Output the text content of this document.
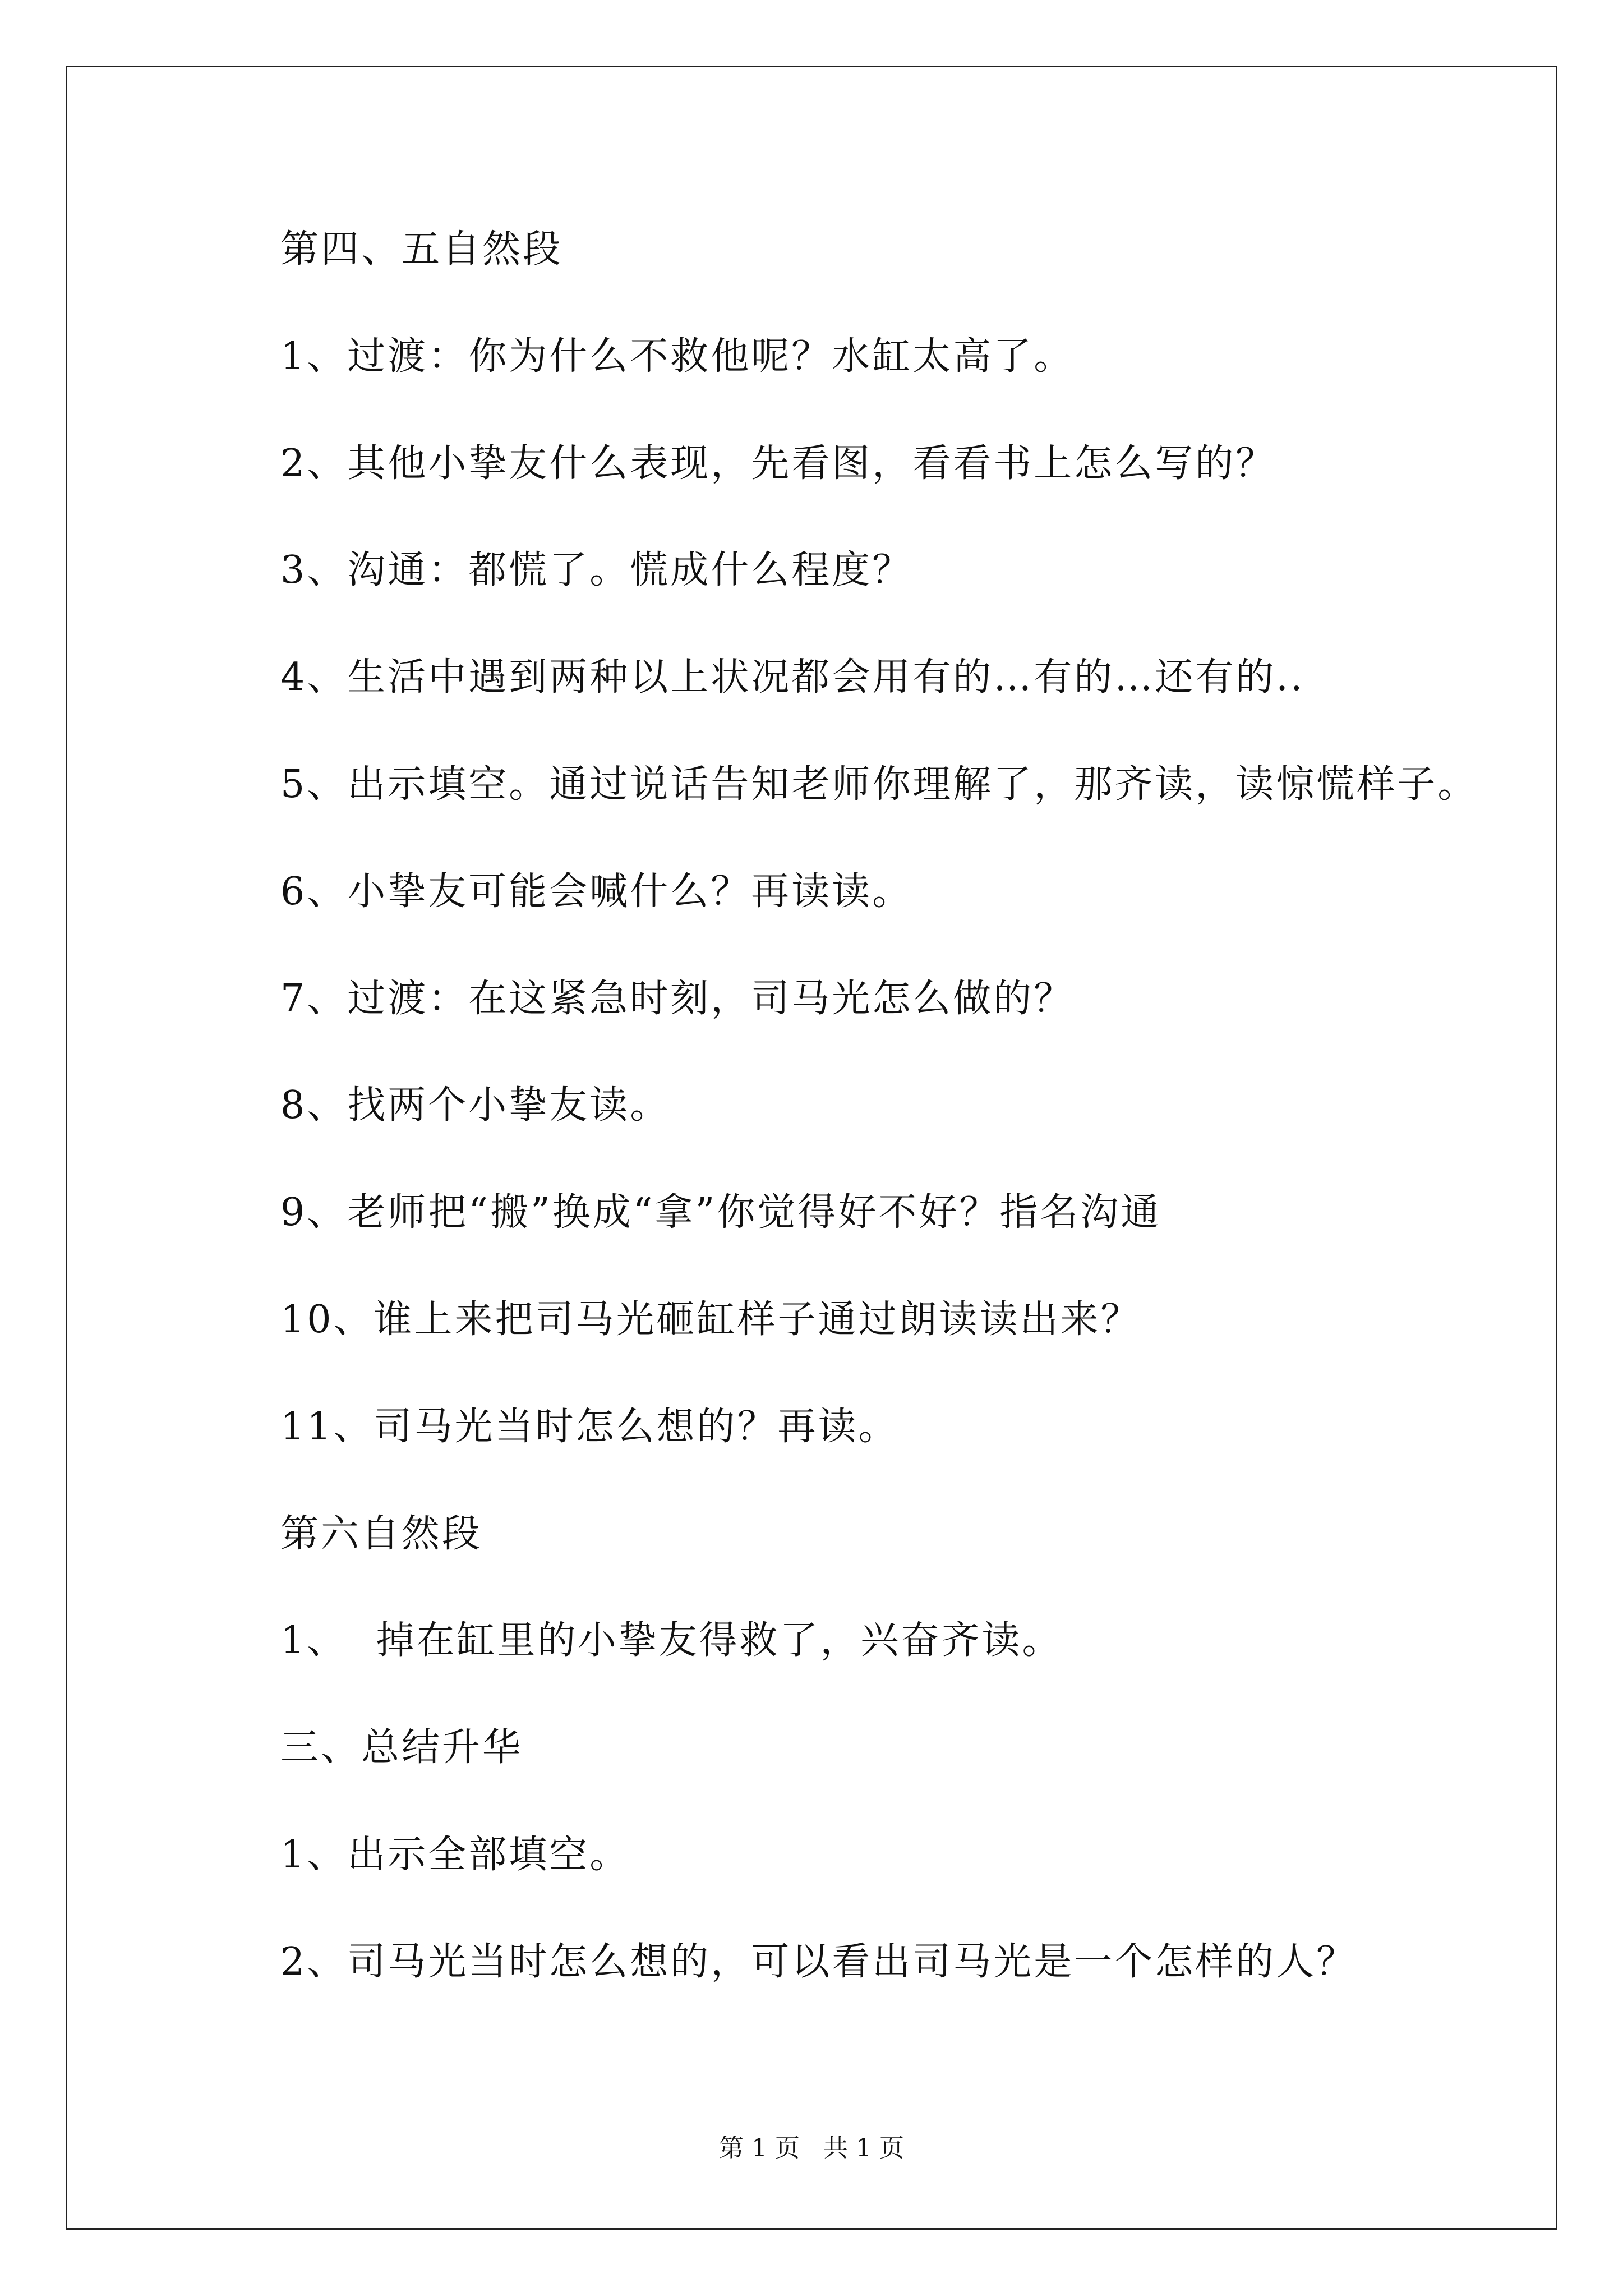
第四、五自然段
1、过渡：你为什么不救他呢？水缸太高了。
2、其他小挚友什么表现，先看图，看看书上怎么写的？
3、沟通：都慌了。慌成什么程度？
4、生活中遇到两种以上状况都会用有的…有的…还有的..
5、出示填空。通过说话告知老师你理解了，那齐读，读惊慌样子。
6、小挚友可能会喊什么？再读读。
7、过渡：在这紧急时刻，司马光怎么做的？
8、找两个小挚友读。
9、老师把“搬”换成“拿”你觉得好不好？指名沟通
10、谁上来把司马光砸缸样子通过朗读读出来？
11、司马光当时怎么想的？再读。
第六自然段
1、  掉在缸里的小挚友得救了，兴奋齐读。
三、总结升华
1、出示全部填空。
2、司马光当时怎么想的，可以看出司马光是一个怎样的人？
第 1 页   共 1 页
